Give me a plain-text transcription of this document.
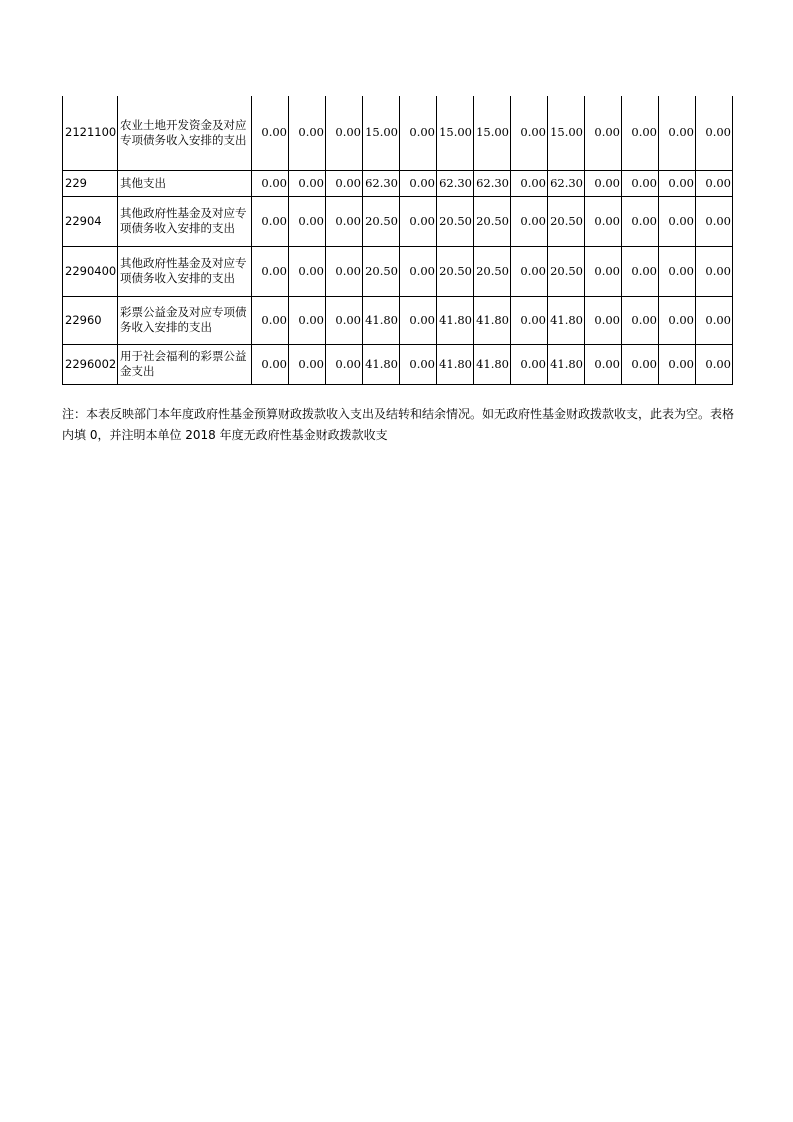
2121100	农业土地开发资金及对应专项债务收入安排的支出	0.00	0.00	0.00	15.00	0.00	15.00	15.00	0.00	15.00	0.00	0.00	0.00	0.00
229	其他支出	0.00	0.00	0.00	62.30	0.00	62.30	62.30	0.00	62.30	0.00	0.00	0.00	0.00
22904	其他政府性基金及对应专项债务收入安排的支出	0.00	0.00	0.00	20.50	0.00	20.50	20.50	0.00	20.50	0.00	0.00	0.00	0.00
2290400	其他政府性基金及对应专项债务收入安排的支出	0.00	0.00	0.00	20.50	0.00	20.50	20.50	0.00	20.50	0.00	0.00	0.00	0.00
22960	彩票公益金及对应专项债务收入安排的支出	0.00	0.00	0.00	41.80	0.00	41.80	41.80	0.00	41.80	0.00	0.00	0.00	0.00
2296002	用于社会福利的彩票公益金支出	0.00	0.00	0.00	41.80	0.00	41.80	41.80	0.00	41.80	0.00	0.00	0.00	0.00
注：本表反映部门本年度政府性基金预算财政拨款收入支出及结转和结余情况。如无政府性基金财政拨款收支，此表为空。表格内填 0，并注明本单位 2018 年度无政府性基金财政拨款收支
